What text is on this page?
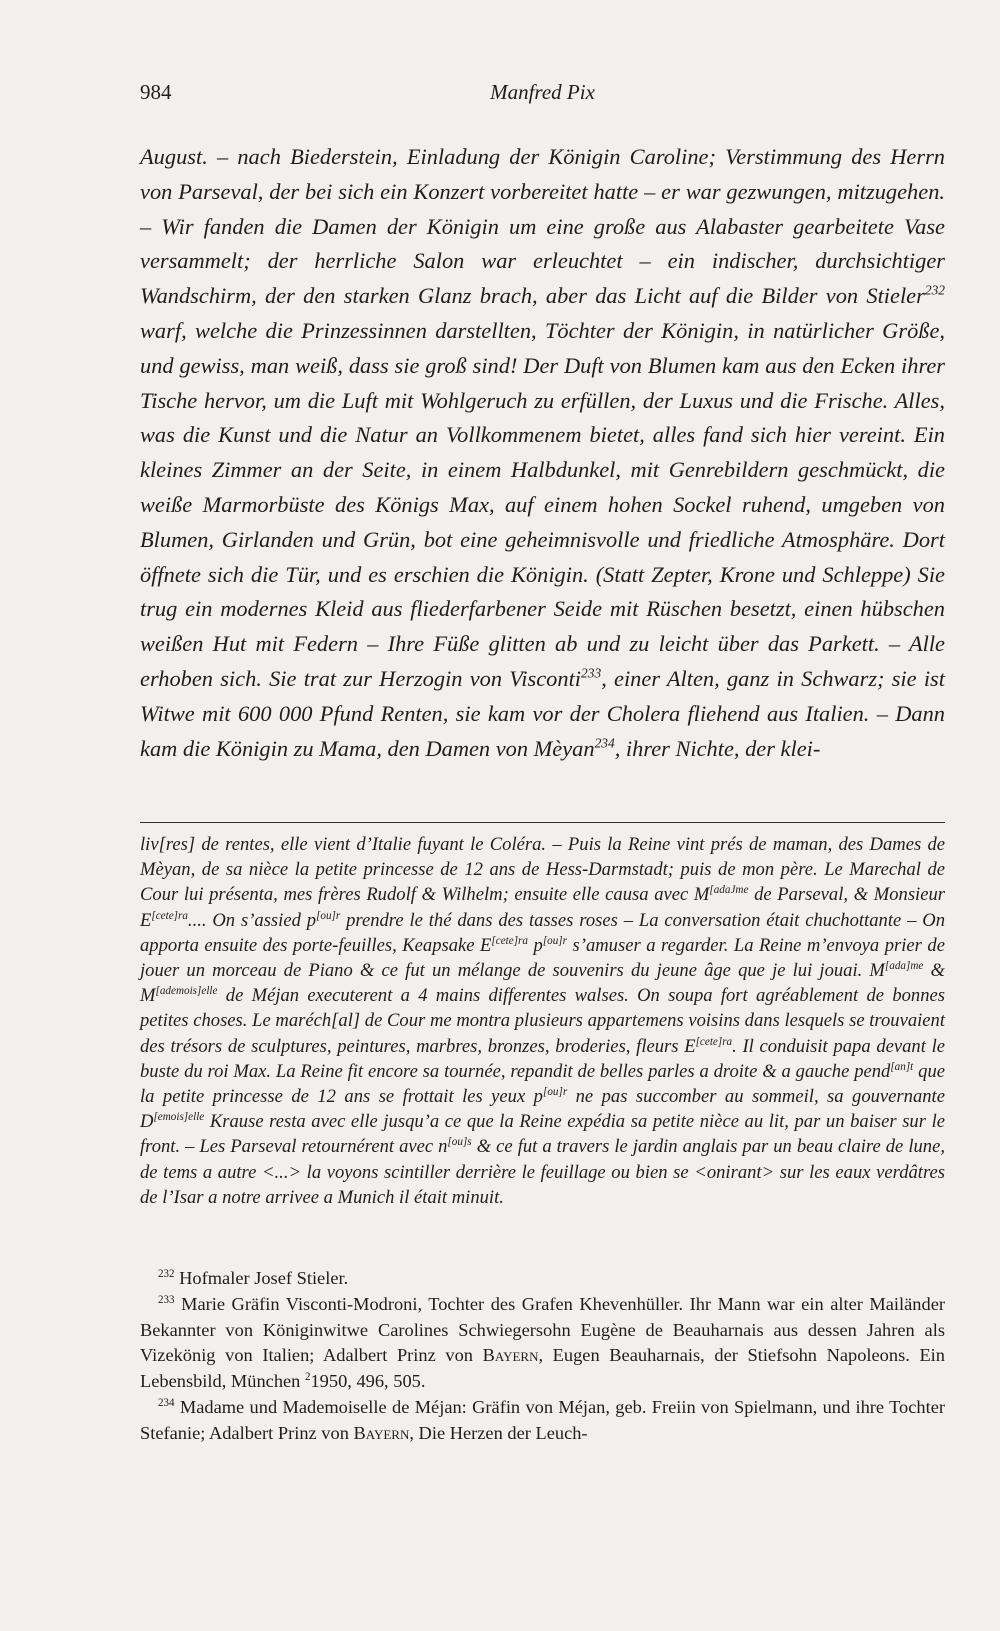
984	Manfred Pix
August. – nach Biederstein, Einladung der Königin Caroline; Verstimmung des Herrn von Parseval, der bei sich ein Konzert vorbereitet hatte – er war gezwungen, mitzugehen. – Wir fanden die Damen der Königin um eine große aus Alabaster gearbeitete Vase versammelt; der herrliche Salon war erleuchtet – ein indischer, durchsichtiger Wandschirm, der den starken Glanz brach, aber das Licht auf die Bilder von Stieler$^{232}$ warf, welche die Prinzessinnen darstellten, Töchter der Königin, in natürlicher Größe, und gewiss, man weiß, dass sie groß sind! Der Duft von Blumen kam aus den Ecken ihrer Tische hervor, um die Luft mit Wohlgeruch zu erfüllen, der Luxus und die Frische. Alles, was die Kunst und die Natur an Vollkommenem bietet, alles fand sich hier vereint. Ein kleines Zimmer an der Seite, in einem Halbdunkel, mit Genrebildern geschmückt, die weiße Marmorbüste des Königs Max, auf einem hohen Sockel ruhend, umgeben von Blumen, Girlanden und Grün, bot eine geheimnisvolle und friedliche Atmosphäre. Dort öffnete sich die Tür, und es erschien die Königin. (Statt Zepter, Krone und Schleppe) Sie trug ein modernes Kleid aus fliederfarbener Seide mit Rüschen besetzt, einen hübschen weißen Hut mit Federn – Ihre Füße glitten ab und zu leicht über das Parkett. – Alle erhoben sich. Sie trat zur Herzogin von Visconti$^{233}$, einer Alten, ganz in Schwarz; sie ist Witwe mit 600 000 Pfund Renten, sie kam vor der Cholera fliehend aus Italien. – Dann kam die Königin zu Mama, den Damen von Mèyan$^{234}$, ihrer Nichte, der klei-
liv[res] de rentes, elle vient d’Italie fuyant le Coléra. – Puis la Reine vint prés de maman, des Dames de Mèyan, de sa nièce la petite princesse de 12 ans de Hess-Darmstadt; puis de mon père. Le Marechal de Cour lui présenta, mes frères Rudolf & Wilhelm; ensuite elle causa avec $M^{[adaJme}$ de Parseval, & Monsieur $E^{[cete]ra}$.... On s’assied $p^{[ou]r}$ prendre le thé dans des tasses roses – La conversation était chuchottante – On apporta ensuite des porte-feuilles, Keapsake $E^{[cete]ra}$ $p^{[ou]r}$ s’amuser a regarder. La Reine m’envoya prier de jouer un morceau de Piano & ce fut un mélange de souvenirs du jeune âge que je lui jouai. $M^{[ada]me}$ & $M^{[ademois]elle}$ de Méjan executerent a 4 mains differentes walses. On soupa fort agréablement de bonnes petites choses. Le maréch[al] de Cour me montra plusieurs appartemens voisins dans lesquels se trouvaient des trésors de sculptures, peintures, marbres, bronzes, broderies, fleurs $E^{[cete]ra}$. Il conduisit papa devant le buste du roi Max. La Reine fit encore sa tournée, repandit de belles parles a droite & a gauche pend$^{[an]t}$ que la petite princesse de 12 ans se frottait les yeux $p^{[ou]r}$ ne pas succomber au sommeil, sa gouvernante $D^{[emois]elle}$ Krause resta avec elle jusqu’a ce que la Reine expédia sa petite nièce au lit, par un baiser sur le front. – Les Parseval retournérent avec $n^{[ou]s}$ & ce fut a travers le jardin anglais par un beau claire de lune, de tems a autre <...> la voyons scintiller derrière le feuillage ou bien se <onirant> sur les eaux verdâtres de l’Isar a notre arrivee a Munich il était minuit.

$^{232}$ Hofmaler Josef Stieler.

$^{233}$ Marie Gräfin Visconti-Modroni, Tochter des Grafen Khevenhüller. Ihr Mann war ein alter Mailänder Bekannter von Königinwitwe Carolines Schwiegersohn Eugène de Beauharnais aus dessen Jahren als Vizekönig von Italien; Adalbert Prinz von Bayern, Eugen Beauharnais, der Stiefsohn Napoleons. Ein Lebensbild, München $^2$1950, 496, 505.

$^{234}$ Madame und Mademoiselle de Méjan: Gräfin von Méjan, geb. Freiin von Spielmann, und ihre Tochter Stefanie; Adalbert Prinz von Bayern, Die Herzen der Leuch-
